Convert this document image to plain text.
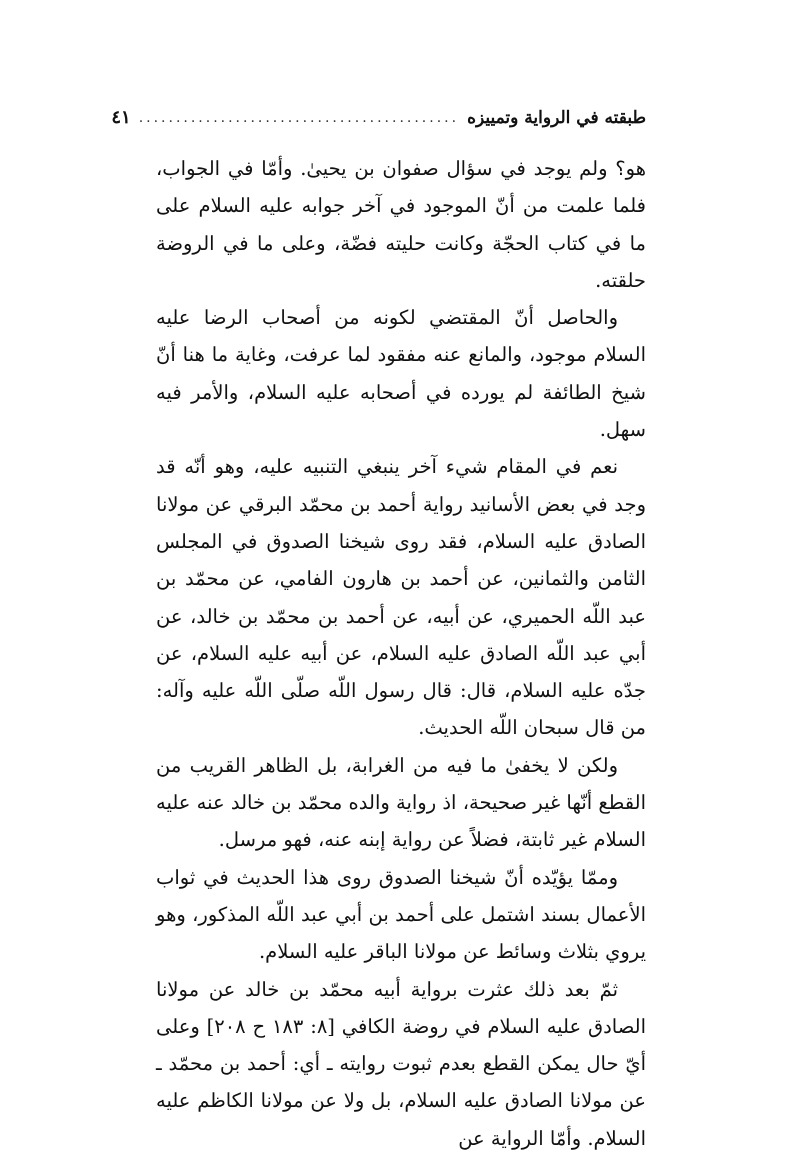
طبقته في الرواية وتمييزه
...........................................
٤١

هو؟ ولم يوجد في سؤال صفوان بن يحيىٰ. وأمّا في الجواب، فلما علمت من أنّ الموجود في آخر جوابه عليه السلام على ما في كتاب الحجّة وكانت حليته فضّة، وعلى ما في الروضة حلقته.

والحاصل أنّ المقتضي لكونه من أصحاب الرضا عليه السلام موجود، والمانع عنه مفقود لما عرفت، وغاية ما هنا أنّ شيخ الطائفة لم يورده في أصحابه عليه السلام، والأمر فيه سهل.

نعم في المقام شيء آخر ينبغي التنبيه عليه، وهو أنّه قد وجد في بعض الأسانيد رواية أحمد بن محمّد البرقي عن مولانا الصادق عليه السلام، فقد روى شيخنا الصدوق في المجلس الثامن والثمانين، عن أحمد بن هارون الفامي، عن محمّد بن عبد اللّه الحميري، عن أبيه، عن أحمد بن محمّد بن خالد، عن أبي عبد اللّه الصادق عليه السلام، عن أبيه عليه السلام، عن جدّه عليه السلام، قال: قال رسول اللّه صلّى اللّه عليه وآله: من قال سبحان اللّه الحديث.

ولكن لا يخفىٰ ما فيه من الغرابة، بل الظاهر القريب من القطع أنّها غير صحيحة، اذ رواية والده محمّد بن خالد عنه عليه السلام غير ثابتة، فضلاً عن رواية إبنه عنه، فهو مرسل.

وممّا يؤيّده أنّ شيخنا الصدوق روى هذا الحديث في ثواب الأعمال بسند اشتمل على أحمد بن أبي عبد اللّه المذكور، وهو يروي بثلاث وسائط عن مولانا الباقر عليه السلام.

ثمّ بعد ذلك عثرت برواية أبيه محمّد بن خالد عن مولانا الصادق عليه السلام في روضة الكافي [٨: ١٨٣ ح ٢٠٨] وعلى أيّ حال يمكن القطع بعدم ثبوت روايته ـ أي: أحمد بن محمّد ـ عن مولانا الصادق عليه السلام، بل ولا عن مولانا الكاظم عليه السلام. وأمّا الرواية عن
